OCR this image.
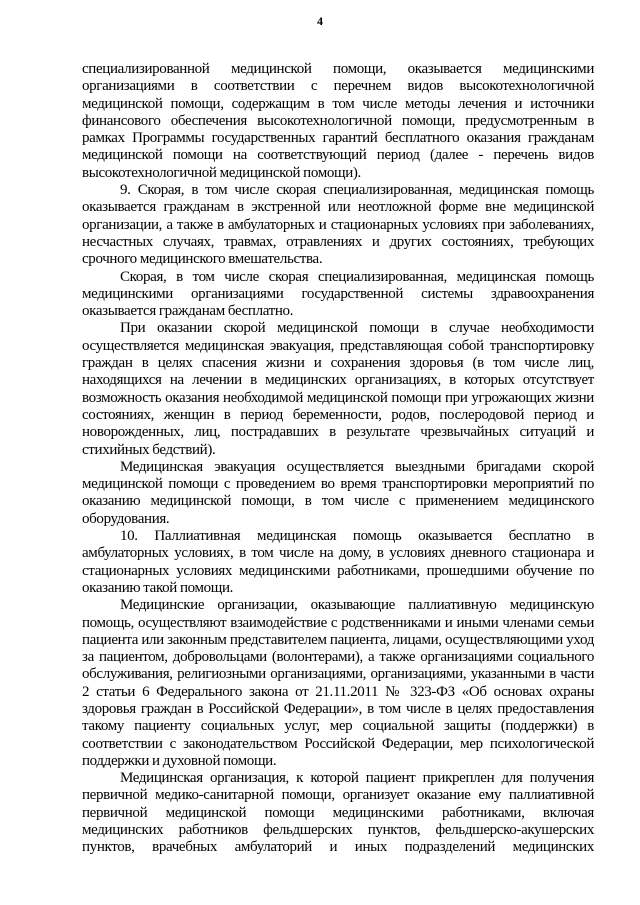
4

специализированной медицинской помощи, оказывается медицинскими организациями в соответствии с перечнем видов высокотехнологичной медицинской помощи, содержащим в том числе методы лечения и источники финансового обеспечения высокотехнологичной помощи, предусмотренным в рамках Программы государственных гарантий бесплатного оказания гражданам медицинской помощи на соответствующий период (далее - перечень видов высокотехнологичной медицинской помощи).

9. Скорая, в том числе скорая специализированная, медицинская помощь оказывается гражданам в экстренной или неотложной форме вне медицинской организации, а также в амбулаторных и стационарных условиях при заболеваниях, несчастных случаях, травмах, отравлениях и других состояниях, требующих срочного медицинского вмешательства.

Скорая, в том числе скорая специализированная, медицинская помощь медицинскими организациями государственной системы здравоохранения оказывается гражданам бесплатно.

При оказании скорой медицинской помощи в случае необходимости осуществляется медицинская эвакуация, представляющая собой транспортировку граждан в целях спасения жизни и сохранения здоровья (в том числе лиц, находящихся на лечении в медицинских организациях, в которых отсутствует возможность оказания необходимой медицинской помощи при угрожающих жизни состояниях, женщин в период беременности, родов, послеродовой период и новорожденных, лиц, пострадавших в результате чрезвычайных ситуаций и стихийных бедствий).

Медицинская эвакуация осуществляется выездными бригадами скорой медицинской помощи с проведением во время транспортировки мероприятий по оказанию медицинской помощи, в том числе с применением медицинского оборудования.

10. Паллиативная медицинская помощь оказывается бесплатно в амбулаторных условиях, в том числе на дому, в условиях дневного стационара и стационарных условиях медицинскими работниками, прошедшими обучение по оказанию такой помощи.

Медицинские организации, оказывающие паллиативную медицинскую помощь, осуществляют взаимодействие с родственниками и иными членами семьи пациента или законным представителем пациента, лицами, осуществляющими уход за пациентом, добровольцами (волонтерами), а также организациями социального обслуживания, религиозными организациями, организациями, указанными в части 2 статьи 6 Федерального закона от 21.11.2011 № 323-ФЗ «Об основах охраны здоровья граждан в Российской Федерации», в том числе в целях предоставления такому пациенту социальных услуг, мер социальной защиты (поддержки) в соответствии с законодательством Российской Федерации, мер психологической поддержки и духовной помощи.

Медицинская организация, к которой пациент прикреплен для получения первичной медико-санитарной помощи, организует оказание ему паллиативной первичной медицинской помощи медицинскими работниками, включая медицинских работников фельдшерских пунктов, фельдшерско-акушерских пунктов, врачебных амбулаторий и иных подразделений медицинских
